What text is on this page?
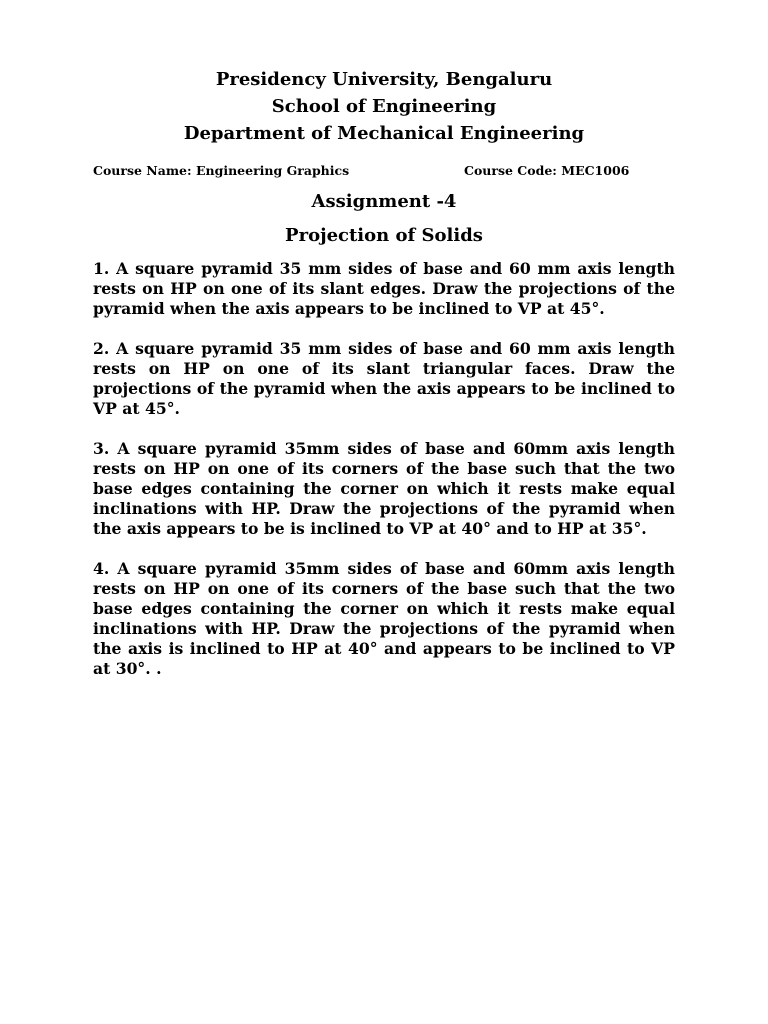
Presidency University, Bengaluru
School of Engineering
Department of Mechanical Engineering
Course Name: Engineering Graphics	Course Code: MEC1006
Assignment -4
Projection of Solids

1. A square pyramid 35 mm sides of base and 60 mm axis length rests on HP on one of its slant edges. Draw the projections of the pyramid when the axis appears to be inclined to VP at 45°.

2. A square pyramid 35 mm sides of base and 60 mm axis length rests on HP on one of its slant triangular faces. Draw the projections of the pyramid when the axis appears to be inclined to VP at 45°.

3. A square pyramid 35mm sides of base and 60mm axis length rests on HP on one of its corners of the base such that the two base edges containing the corner on which it rests make equal inclinations with HP. Draw the projections of the pyramid when the axis appears to be is inclined to VP at 40° and to HP at 35°.

4. A square pyramid 35mm sides of base and 60mm axis length rests on HP on one of its corners of the base such that the two base edges containing the corner on which it rests make equal inclinations with HP. Draw the projections of the pyramid when the axis is inclined to HP at 40° and appears to be inclined to VP at 30°. .
